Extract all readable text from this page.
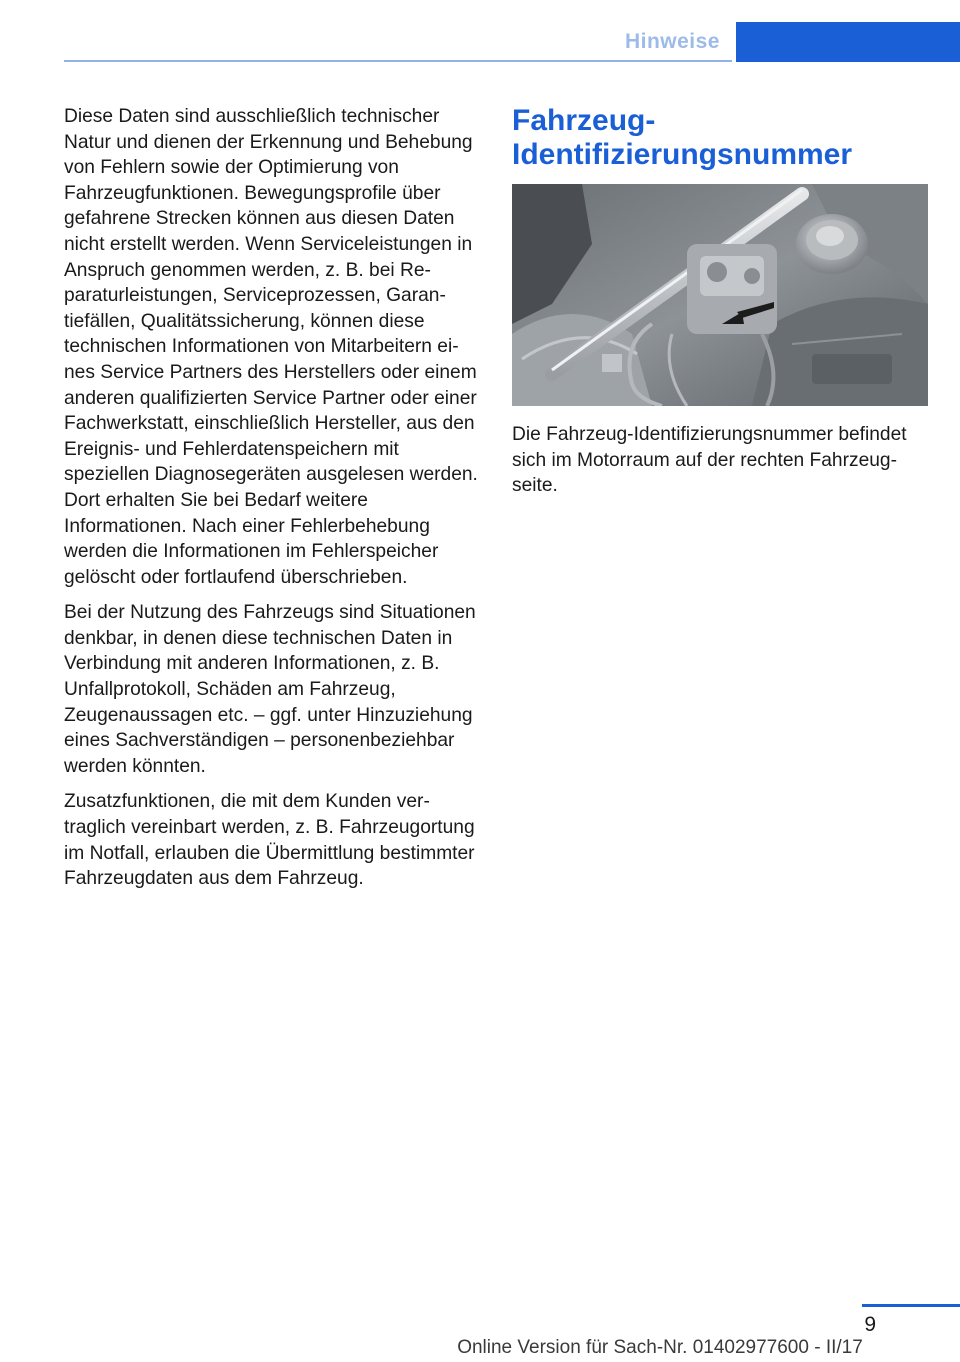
Hinweise

Diese Daten sind ausschließlich technischer Natur und dienen der Erkennung und Behebung von Fehlern sowie der Optimierung von Fahrzeugfunktionen. Bewegungsprofile über gefahrene Strecken können aus diesen Daten nicht erstellt werden. Wenn Serviceleistungen in Anspruch genommen werden, z. B. bei Reparaturleistungen, Serviceprozessen, Garantiefällen, Qualitätssicherung, können diese technischen Informationen von Mitarbeitern eines Service Partners des Herstellers oder einem anderen qualifizierten Service Partner oder einer Fachwerkstatt, einschließlich Hersteller, aus den Ereignis- und Fehlerdatenspeichern mit speziellen Diagnosegeräten ausgelesen werden. Dort erhalten Sie bei Bedarf weitere Informationen. Nach einer Fehlerbehebung werden die Informationen im Fehlerspeicher gelöscht oder fortlaufend überschrieben.

Bei der Nutzung des Fahrzeugs sind Situationen denkbar, in denen diese technischen Daten in Verbindung mit anderen Informationen, z. B. Unfallprotokoll, Schäden am Fahrzeug, Zeugenaussagen etc. – ggf. unter Hinzuziehung eines Sachverständigen – personenbeziehbar werden könnten.

Zusatzfunktionen, die mit dem Kunden vertraglich vereinbart werden, z. B. Fahrzeugortung im Notfall, erlauben die Übermittlung bestimmter Fahrzeugdaten aus dem Fahrzeug.

Fahrzeug-
Identifizierungsnummer

Die Fahrzeug-Identifizierungsnummer befindet sich im Motorraum auf der rechten Fahrzeugseite.

9
Online Version für Sach-Nr. 01402977600 - II/17
